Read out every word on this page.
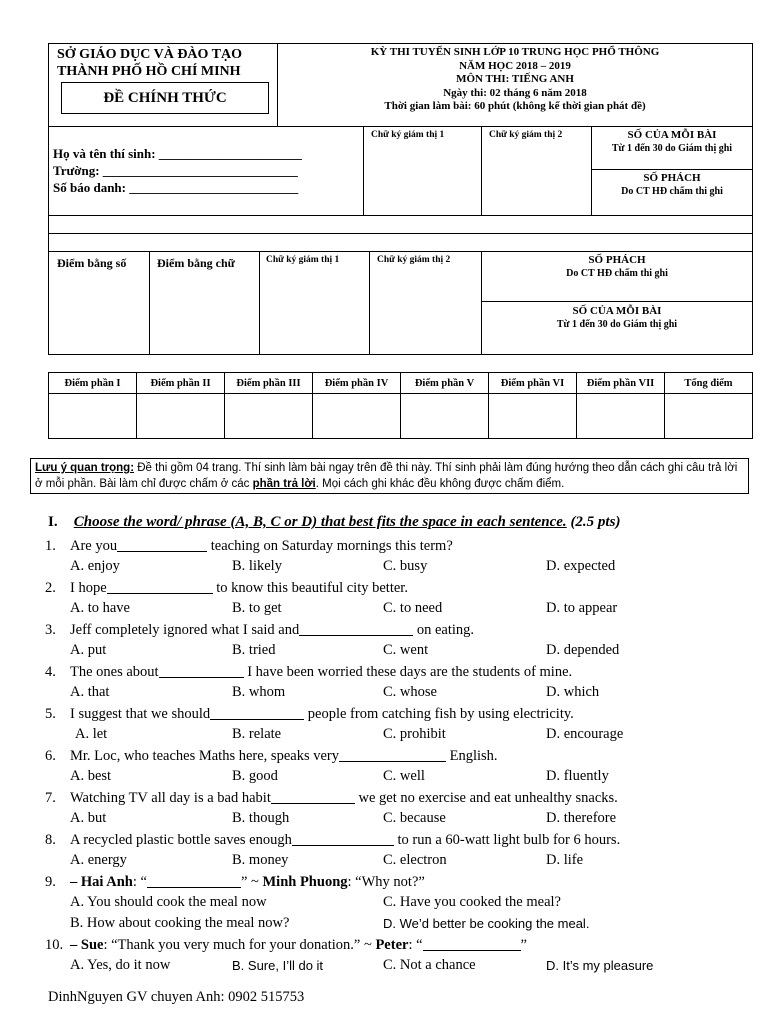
SỞ GIÁO DỤC VÀ ĐÀO TẠO
THÀNH PHỐ HỒ CHÍ MINH
ĐỀ CHÍNH THỨC
KỲ THI TUYỂN SINH LỚP 10 TRUNG HỌC PHỔ THÔNG
NĂM HỌC 2018 – 2019
MÔN THI: TIẾNG ANH
Ngày thi: 02 tháng 6 năm 2018
Thời gian làm bài: 60 phút (không kể thời gian phát đề)
Họ và tên thí sinh: ______________________
Trường: ______________________________
Số báo danh: __________________________
Chữ ký giám thị 1	Chữ ký giám thị 2	SỐ CỦA MỖI BÀI
Từ 1 đến 30 do Giám thị ghi
SỐ PHÁCH
Do CT HĐ chấm thi ghi
Điểm bằng số	Điểm bằng chữ	Chữ ký giám thị 1	Chữ ký giám thị 2	SỐ PHÁCH
Do CT HĐ chấm thi ghi
SỐ CỦA MỖI BÀI
Từ 1 đến 30 do Giám thị ghi
Điểm phần I	Điểm phần II	Điểm phần III	Điểm phần IV	Điểm phần V	Điểm phần VI	Điểm phần VII	Tổng điểm

Lưu ý quan trọng: Đề thi gồm 04 trang. Thí sinh làm bài ngay trên đề thi này. Thí sinh phải làm đúng hướng theo dẫn cách ghi câu trả lời ở mỗi phần. Bài làm chỉ được chấm ở các phần trả lời. Mọi cách ghi khác đều không được chấm điểm.
I. Choose the word/ phrase (A, B, C or D) that best fits the space in each sentence. (2.5 pts)
1. Are you	teaching on Saturday mornings this term?
A. enjoy	B. likely	C. busy	D. expected
2. I hope	to know this beautiful city better.
A. to have	B. to get	C. to need	D. to appear
3. Jeff completely ignored what I said and	on eating.
A. put	B. tried	C. went	D. depended
4. The ones about	I have been worried these days are the students of mine.
A. that	B. whom	C. whose	D. which
5. I suggest that we should	people from catching fish by using electricity.
A. let	B. relate	C. prohibit	D. encourage
6. Mr. Loc, who teaches Maths here, speaks very	English.
A. best	B. good	C. well	D. fluently
7. Watching TV all day is a bad habit	we get no exercise and eat unhealthy snacks.
A. but	B. though	C. because	D. therefore
8. A recycled plastic bottle saves enough	to run a 60-watt light bulb for 6 hours.
A. energy	B. money	C. electron	D. life
9. – Hai Anh: “	” ~ Minh Phuong: “Why not?”
A. You should cook the meal now	C. Have you cooked the meal?
B. How about cooking the meal now?	D. We’d better be cooking the meal.
10. – Sue: “Thank you very much for your donation.” ~ Peter: “	”
A. Yes, do it now	B. Sure, I’ll do it	C. Not a chance	D. It’s my pleasure
DinhNguyen GV chuyen Anh: 0902 515753
